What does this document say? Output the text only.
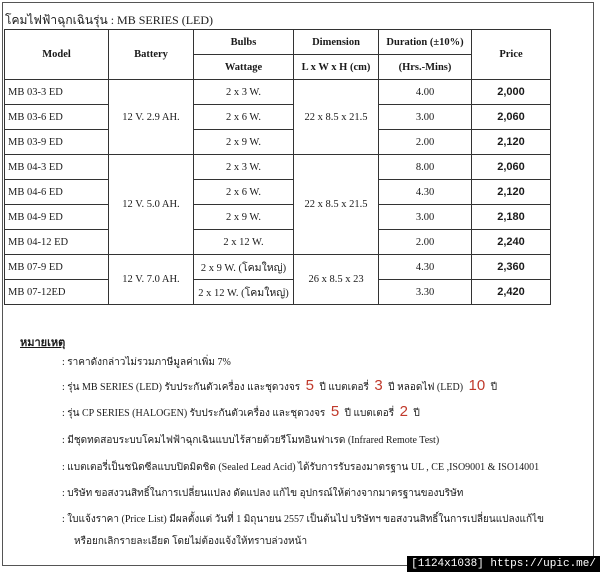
โคมไฟฟ้าฉุกเฉินรุ่น : MB SERIES (LED)
Model	Battery	Bulbs	Dimension	Duration (±10%)	Price
		Wattage	L x W x H (cm)	(Hrs.-Mins)	
MB 03-3 ED	12 V. 2.9 AH.	2 x 3 W.	22 x 8.5 x 21.5	4.00	2,000
MB 03-6 ED		2 x 6 W.		3.00	2,060
MB 03-9 ED		2 x 9 W.		2.00	2,120
MB 04-3 ED	12 V. 5.0 AH.	2 x 3 W.	22 x 8.5 x 21.5	8.00	2,060
MB 04-6 ED		2 x 6 W.		4.30	2,120
MB 04-9 ED		2 x 9 W.		3.00	2,180
MB 04-12 ED		2 x 12 W.		2.00	2,240
MB 07-9 ED	12 V. 7.0 AH.	2 x 9 W. (โคมใหญ่)	26 x 8.5 x 23	4.30	2,360
MB 07-12ED		2 x 12 W. (โคมใหญ่)		3.30	2,420
หมายเหตุ
: ราคาดังกล่าวไม่รวมภาษีมูลค่าเพิ่ม 7%
: รุ่น MB SERIES (LED) รับประกันตัวเครื่อง และชุดวงจร 5 ปี แบตเตอรี่ 3 ปี หลอดไฟ (LED) 10 ปี
: รุ่น CP SERIES (HALOGEN) รับประกันตัวเครื่อง และชุดวงจร 5 ปี แบตเตอรี่ 2 ปี
: มีชุดทดสอบระบบโคมไฟฟ้าฉุกเฉินแบบไร้สายด้วยรีโมทอินฟาเรด (Infrared Remote Test)
: แบตเตอรี่เป็นชนิดซีลแบบปิดมิดชิด (Sealed Lead Acid) ได้รับการรับรองมาตรฐาน UL , CE ,ISO9001 & ISO14001
: บริษัท ขอสงวนสิทธิ์ในการเปลี่ยนแปลง ดัดแปลง แก้ไข อุปกรณ์ให้ต่างจากมาตรฐานของบริษัท
: ใบแจ้งราคา (Price List) มีผลตั้งแต่ วันที่ 1 มิถุนายน 2557 เป็นต้นไป บริษัทฯ ขอสงวนสิทธิ์ในการเปลี่ยนแปลงแก้ไข
หรือยกเลิกรายละเอียด โดยไม่ต้องแจ้งให้ทราบล่วงหน้า
[1124x1038] https://upic.me/
